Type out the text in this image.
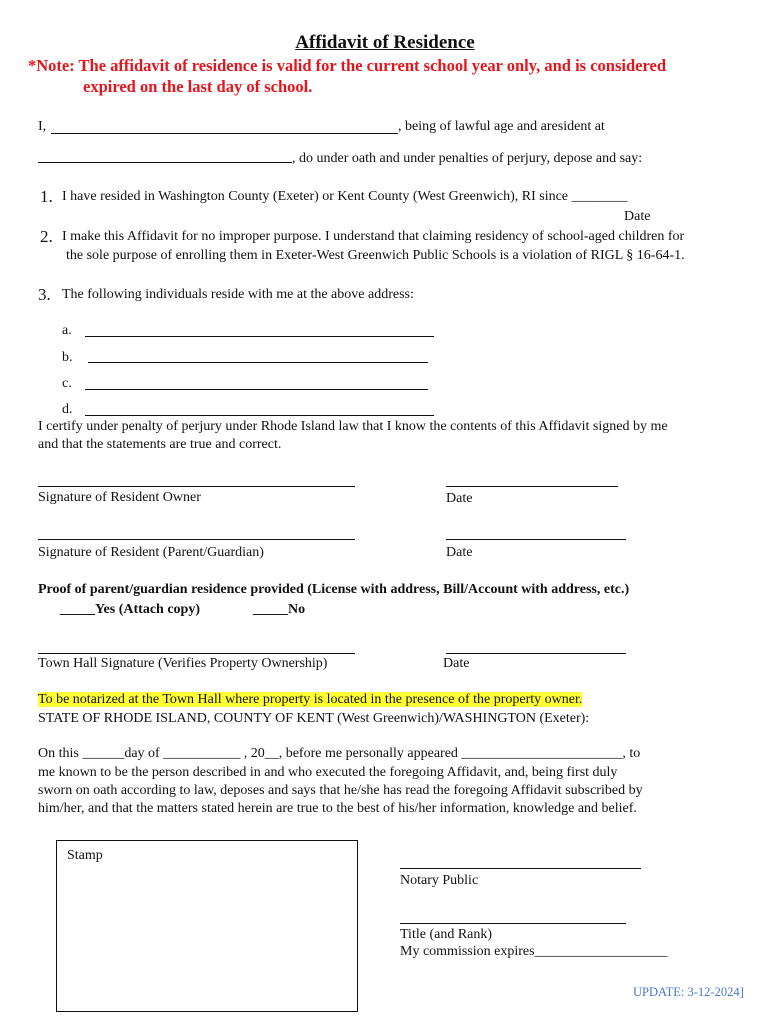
Affidavit of Residence
*Note: The affidavit of residence is valid for the current school year only, and is considered
expired on the last day of school.
I,	, being of lawful age and aresident at
, do under oath and under penalties of perjury, depose and say:
1. I have resided in Washington County (Exeter) or Kent County (West Greenwich), RI since ________
Date
2. I make this Affidavit for no improper purpose. I understand that claiming residency of school-aged children for
the sole purpose of enrolling them in Exeter-West Greenwich Public Schools is a violation of RIGL § 16-64-1.
3. The following individuals reside with me at the above address:
a.
b.
c.
d.
I certify under penalty of perjury under Rhode Island law that I know the contents of this Affidavit signed by me
and that the statements are true and correct.
Signature of Resident Owner	Date
Signature of Resident (Parent/Guardian)	Date
Proof of parent/guardian residence provided (License with address, Bill/Account with address, etc.)
_____Yes (Attach copy)	_____No
Town Hall Signature (Verifies Property Ownership)	Date
To be notarized at the Town Hall where property is located in the presence of the property owner.
STATE OF RHODE ISLAND, COUNTY OF KENT (West Greenwich)/WASHINGTON (Exeter):
On this ______day of ___________ , 20__, before me personally appeared _______________________, to
me known to be the person described in and who executed the foregoing Affidavit, and, being first duly
sworn on oath according to law, deposes and says that he/she has read the foregoing Affidavit subscribed by
him/her, and that the matters stated herein are true to the best of his/her information, knowledge and belief.
Stamp
Notary Public
Title (and Rank)
My commission expires___________________
UPDATE: 3-12-2024]
